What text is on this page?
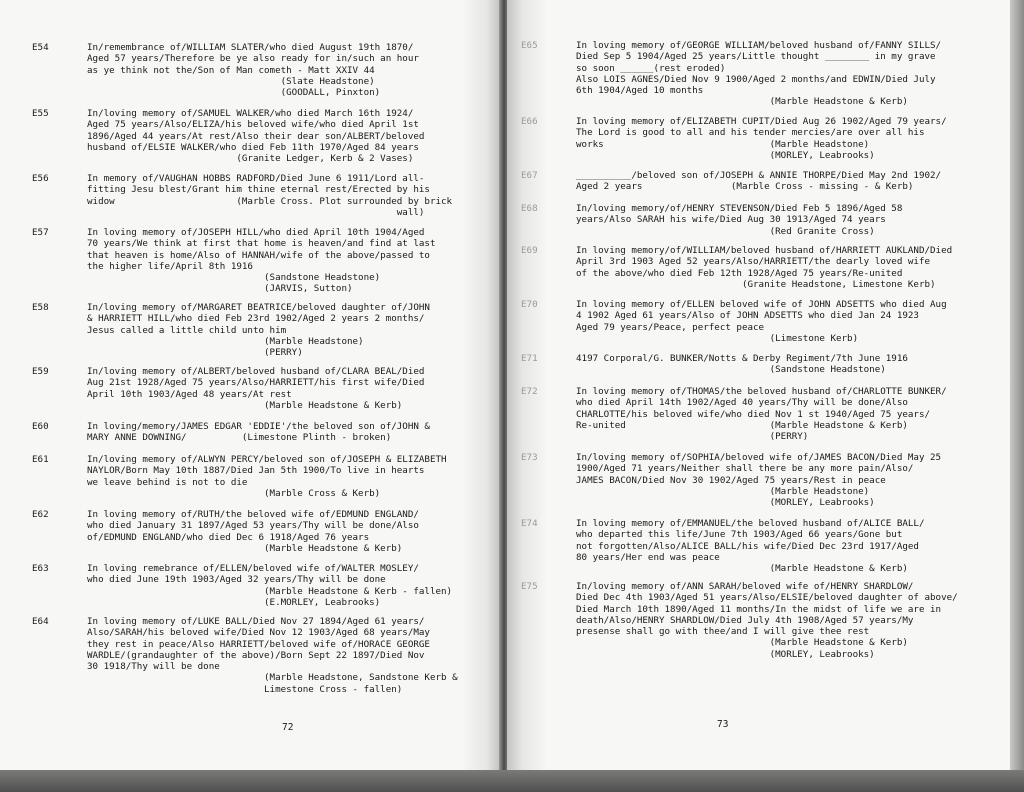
E54	In/remembrance of/WILLIAM SLATER/who died August 19th 1870/
Aged 57 years/Therefore be ye also ready for in/such an hour
as ye think not the/Son of Man cometh - Matt XXIV 44
(Slate Headstone)
(GOODALL, Pinxton)
E55	In/loving memory of/SAMUEL WALKER/who died March 16th 1924/
Aged 75 years/Also/ELIZA/his beloved wife/who died April 1st
1896/Aged 44 years/At rest/Also their dear son/ALBERT/beloved
husband of/ELSIE WALKER/who died Feb 11th 1970/Aged 84 years
(Granite Ledger, Kerb & 2 Vases)
E56	In memory of/VAUGHAN HOBBS RADFORD/Died June 6 1911/Lord all-
fitting Jesu blest/Grant him thine eternal rest/Erected by his
widow                      (Marble Cross. Plot surrounded by brick
wall)
E57	In loving memory of/JOSEPH HILL/who died April 10th 1904/Aged
70 years/We think at first that home is heaven/and find at last
that heaven is home/Also of HANNAH/wife of the above/passed to
the higher life/April 8th 1916
(Sandstone Headstone)
(JARVIS, Sutton)
E58	In/loving memory of/MARGARET BEATRICE/beloved daughter of/JOHN
& HARRIETT HILL/who died Feb 23rd 1902/Aged 2 years 2 months/
Jesus called a little child unto him
(Marble Headstone)
(PERRY)
E59	In/loving memory of/ALBERT/beloved husband of/CLARA BEAL/Died
Aug 21st 1928/Aged 75 years/Also/HARRIETT/his first wife/Died
April 10th 1903/Aged 48 years/At rest
(Marble Headstone & Kerb)
E60	In loving/memory/JAMES EDGAR 'EDDIE'/the beloved son of/JOHN &
MARY ANNE DOWNING/          (Limestone Plinth - broken)
E61	In/loving memory of/ALWYN PERCY/beloved son of/JOSEPH & ELIZABETH
NAYLOR/Born May 10th 1887/Died Jan 5th 1900/To live in hearts
we leave behind is not to die
(Marble Cross & Kerb)
E62	In loving memory of/RUTH/the beloved wife of/EDMUND ENGLAND/
who died January 31 1897/Aged 53 years/Thy will be done/Also
of/EDMUND ENGLAND/who died Dec 6 1918/Aged 76 years
(Marble Headstone & Kerb)
E63	In loving remebrance of/ELLEN/beloved wife of/WALTER MOSLEY/
who died June 19th 1903/Aged 32 years/Thy will be done
(Marble Headstone & Kerb - fallen)
(E.MORLEY, Leabrooks)
E64	In loving memory of/LUKE BALL/Died Nov 27 1894/Aged 61 years/
Also/SARAH/his beloved wife/Died Nov 12 1903/Aged 68 years/May
they rest in peace/Also HARRIETT/beloved wife of/HORACE GEORGE
WARDLE/(grandaughter of the above)/Born Sept 22 1897/Died Nov
30 1918/Thy will be done
(Marble Headstone, Sandstone Kerb &
Limestone Cross - fallen)
72
E65	In loving memory of/GEORGE WILLIAM/beloved husband of/FANNY SILLS/
Died Sep 5 1904/Aged 25 years/Little thought ________ in my grave
so soon ______(rest eroded)
Also LOIS AGNES/Died Nov 9 1900/Aged 2 months/and EDWIN/Died July
6th 1904/Aged 10 months
(Marble Headstone & Kerb)
E66	In loving memory of/ELIZABETH CUPIT/Died Aug 26 1902/Aged 79 years/
The Lord is good to all and his tender mercies/are over all his
works                              (Marble Headstone)
(MORLEY, Leabrooks)
E67	__________/beloved son of/JOSEPH & ANNIE THORPE/Died May 2nd 1902/
Aged 2 years                (Marble Cross - missing - & Kerb)
E68	In/loving memory/of/HENRY STEVENSON/Died Feb 5 1896/Aged 58
years/Also SARAH his wife/Died Aug 30 1913/Aged 74 years
(Red Granite Cross)
E69	In loving memory/of/WILLIAM/beloved husband of/HARRIETT AUKLAND/Died
April 3rd 1903 Aged 52 years/Also/HARRIETT/the dearly loved wife
of the above/who died Feb 12th 1928/Aged 75 years/Re-united
(Granite Headstone, Limestone Kerb)
E70	In loving memory of/ELLEN beloved wife of JOHN ADSETTS who died Aug
4 1902 Aged 61 years/Also of JOHN ADSETTS who died Jan 24 1923
Aged 79 years/Peace, perfect peace
(Limestone Kerb)
E71	4197 Corporal/G. BUNKER/Notts & Derby Regiment/7th June 1916
(Sandstone Headstone)
E72	In loving memory of/THOMAS/the beloved husband of/CHARLOTTE BUNKER/
who died April 14th 1902/Aged 40 years/Thy will be done/Also
CHARLOTTE/his beloved wife/who died Nov 1 st 1940/Aged 75 years/
Re-united                          (Marble Headstone & Kerb)
(PERRY)
E73	In/loving memory of/SOPHIA/beloved wife of/JAMES BACON/Died May 25
1900/Aged 71 years/Neither shall there be any more pain/Also/
JAMES BACON/Died Nov 30 1902/Aged 75 years/Rest in peace
(Marble Headstone)
(MORLEY, Leabrooks)
E74	In loving memory of/EMMANUEL/the beloved husband of/ALICE BALL/
who departed this life/June 7th 1903/Aged 66 years/Gone but
not forgotten/Also/ALICE BALL/his wife/Died Dec 23rd 1917/Aged
80 years/Her end was peace
(Marble Headstone & Kerb)
E75	In/loving memory of/ANN SARAH/beloved wife of/HENRY SHARDLOW/
Died Dec 4th 1903/Aged 51 years/Also/ELSIE/beloved daughter of above/
Died March 10th 1890/Aged 11 months/In the midst of life we are in
death/Also/HENRY SHARDLOW/Died July 4th 1908/Aged 57 years/My
presense shall go with thee/and I will give thee rest
(Marble Headstone & Kerb)
(MORLEY, Leabrooks)
73
